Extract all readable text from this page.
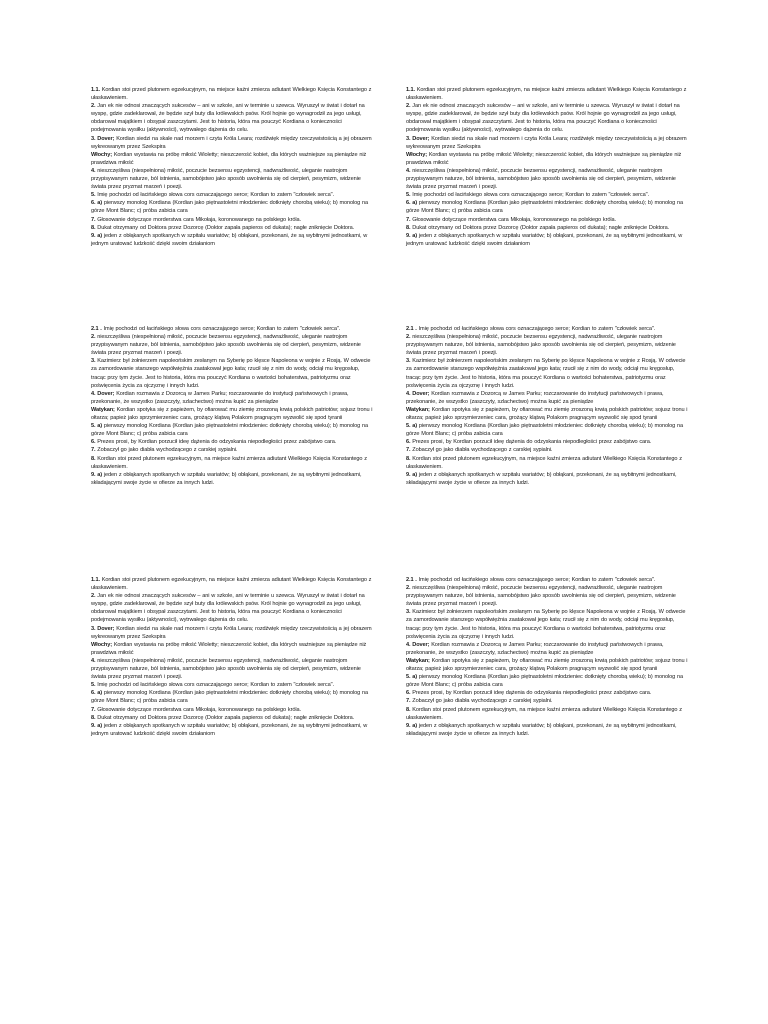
1.1. Kordian stoi przed plutonem egzekucyjnym, na miejsce kaźni zmierza adiutant Wielkiego Księcia Konstantego z ułaskawieniem.

2. Jan ek nie odnosi znaczących sukcesów – ani w szkole, ani w terminie u szewca. Wyruszył w świat i dotarł na wyspę, gdzie zadeklarował, że będzie szył buty dla królewskich psów. Król hojnie go wynagrodził za jego usługi, obdarował majątkiem i obsypał zaszczytami. Jest to historia, która ma pouczyć Kordiana o konieczności podejmowania wysiłku (aktywności), wytrwałego dążenia do celu.

3. Dover; Kordian siedzi na skale nad morzem i czyta Króla Leara; rozdźwięk między rzeczywistością a jej obrazem wykreowanym przez Szekspira

Włochy; Kordian wystawia na próbę miłość Wioletty; nieszczerość kobiet, dla których ważniejsze są pieniądze niż prawdziwa miłość

4. nieszczęśliwa (niespełniona) miłość, poczucie bezsensu egzystencji, nadwrażliwość, uleganie nastrojom przypisywanym naturze, ból istnienia, samobójstwo jako sposób uwolnienia się od cierpień, pesymizm, widzenie świata przez pryzmat marzeń i poezji.

5. Imię pochodzi od łacińskiego słowa cors oznaczającego serce; Kordian to zatem "człowiek serca".

6. a) pierwszy monolog Kordiana (Kordian jako piętnastoletni młodzieniec dotknięty chorobą wieku); b) monolog na górze Mont Blanc; c) próba zabicia cara

7. Głosowanie dotyczące morderstwa cara Mikołaja, koronowanego na polskiego króla.

8. Dukat otrzymany od Doktora przez Dozorcę (Doktor zapała papieros od dukata); nagłe zniknięcie Doktora.

9. a) jeden z obłąkanych spotkanych w szpitalu wariatów; b) obłąkani, przekonani, że są wybitnymi jednostkami, w jednym uratować ludzkość dzięki swoim działaniom

1.1. Kordian stoi przed plutonem egzekucyjnym, na miejsce kaźni zmierza adiutant Wielkiego Księcia Konstantego z ułaskawieniem.

2. Jan ek nie odnosi znaczących sukcesów – ani w szkole, ani w terminie u szewca. Wyruszył w świat i dotarł na wyspę, gdzie zadeklarował, że będzie szył buty dla królewskich psów. Król hojnie go wynagrodził za jego usługi, obdarował majątkiem i obsypał zaszczytami. Jest to historia, która ma pouczyć Kordiana o konieczności podejmowania wysiłku (aktywności), wytrwałego dążenia do celu.

3. Dover; Kordian siedzi na skale nad morzem i czyta Króla Leara; rozdźwięk między rzeczywistością a jej obrazem wykreowanym przez Szekspira

Włochy; Kordian wystawia na próbę miłość Wioletty; nieszczerość kobiet, dla których ważniejsze są pieniądze niż prawdziwa miłość

4. nieszczęśliwa (niespełniona) miłość, poczucie bezsensu egzystencji, nadwrażliwość, uleganie nastrojom przypisywanym naturze, ból istnienia, samobójstwo jako sposób uwolnienia się od cierpień, pesymizm, widzenie świata przez pryzmat marzeń i poezji.

5. Imię pochodzi od łacińskiego słowa cors oznaczającego serce; Kordian to zatem "człowiek serca".

6. a) pierwszy monolog Kordiana (Kordian jako piętnastoletni młodzieniec dotknięty chorobą wieku); b) monolog na górze Mont Blanc; c) próba zabicia cara

7. Głosowanie dotyczące morderstwa cara Mikołaja, koronowanego na polskiego króla.

8. Dukat otrzymany od Doktora przez Dozorcę (Doktor zapała papieros od dukata); nagłe zniknięcie Doktora.

9. a) jeden z obłąkanych spotkanych w szpitalu wariatów; b) obłąkani, przekonani, że są wybitnymi jednostkami, w jednym uratować ludzkość dzięki swoim działaniom

2.1 . Imię pochodzi od łacińskiego słowa cors oznaczającego serce; Kordian to zatem "człowiek serca".

2. nieszczęśliwa (niespełniona) miłość, poczucie bezsensu egzystencji, nadwrażliwość, uleganie nastrojom przypisywanym naturze, ból istnienia, samobójstwo jako sposób uwolnienia się od cierpień, pesymizm, widzenie świata przez pryzmat marzeń i poezji.

3. Kazimierz był żołnierzem napoleońskim zesłanym na Syberię po klęsce Napoleona w wojnie z Rosją. W odwecie za zamordowanie starszego współwięźnia zaatakował jego kata; rzucił się z nim do wody, odciął mu kręgosłup, tracąc przy tym życie. Jest to historia, która ma pouczyć Kordiana o wartości bohaterstwa, patriotyzmu oraz poświęcenia życia za ojczyznę i innych ludzi.

4. Dover; Kordian rozmawia z Dozorcą w James Parku; rozczarowanie do instytucji państwowych i prawa, przekonanie, że wszystko (zaszczyty, szlachectwo) można kupić za pieniądze

Watykan; Kordian spotyka się z papieżem, by ofiarować mu ziemię zroszoną krwią polskich patriotów; sojusz tronu i ołtarza; papież jako sprzymierzeniec cara, grożący klątwą Polakom pragnącym wyzwolić się spod tyranii

5. a) pierwszy monolog Kordiana (Kordian jako piętnastoletni młodzieniec dotknięty chorobą wieku); b) monolog na górze Mont Blanc; c) próba zabicia cara

6. Prezes prosi, by Kordian porzucił ideę dążenia do odzyskania niepodległości przez zabójstwo cara.

7. Zobaczył go jako diabła wychodzącego z carskiej sypialni.

8. Kordian stoi przed plutonem egzekucyjnym, na miejsce kaźni zmierza adiutant Wielkiego Księcia Konstantego z ułaskawieniem.

9. a) jeden z obłąkanych spotkanych w szpitalu wariatów; b) obłąkani, przekonani, że są wybitnymi jednostkami, składającymi swoje życie w ofierze za innych ludzi.

2.1 . Imię pochodzi od łacińskiego słowa cors oznaczającego serce; Kordian to zatem "człowiek serca".

2. nieszczęśliwa (niespełniona) miłość, poczucie bezsensu egzystencji, nadwrażliwość, uleganie nastrojom przypisywanym naturze, ból istnienia, samobójstwo jako sposób uwolnienia się od cierpień, pesymizm, widzenie świata przez pryzmat marzeń i poezji.

3. Kazimierz był żołnierzem napoleońskim zesłanym na Syberię po klęsce Napoleona w wojnie z Rosją. W odwecie za zamordowanie starszego współwięźnia zaatakował jego kata; rzucił się z nim do wody, odciął mu kręgosłup, tracąc przy tym życie. Jest to historia, która ma pouczyć Kordiana o wartości bohaterstwa, patriotyzmu oraz poświęcenia życia za ojczyznę i innych ludzi.

4. Dover; Kordian rozmawia z Dozorcą w James Parku; rozczarowanie do instytucji państwowych i prawa, przekonanie, że wszystko (zaszczyty, szlachectwo) można kupić za pieniądze

Watykan; Kordian spotyka się z papieżem, by ofiarować mu ziemię zroszoną krwią polskich patriotów; sojusz tronu i ołtarza; papież jako sprzymierzeniec cara, grożący klątwą Polakom pragnącym wyzwolić się spod tyranii

5. a) pierwszy monolog Kordiana (Kordian jako piętnastoletni młodzieniec dotknięty chorobą wieku); b) monolog na górze Mont Blanc; c) próba zabicia cara

6. Prezes prosi, by Kordian porzucił ideę dążenia do odzyskania niepodległości przez zabójstwo cara.

7. Zobaczył go jako diabła wychodzącego z carskiej sypialni.

8. Kordian stoi przed plutonem egzekucyjnym, na miejsce kaźni zmierza adiutant Wielkiego Księcia Konstantego z ułaskawieniem.

9. a) jeden z obłąkanych spotkanych w szpitalu wariatów; b) obłąkani, przekonani, że są wybitnymi jednostkami, składającymi swoje życie w ofierze za innych ludzi.

1.1. Kordian stoi przed plutonem egzekucyjnym, na miejsce kaźni zmierza adiutant Wielkiego Księcia Konstantego z ułaskawieniem.

2. Jan ek nie odnosi znaczących sukcesów – ani w szkole, ani w terminie u szewca. Wyruszył w świat i dotarł na wyspę, gdzie zadeklarował, że będzie szył buty dla królewskich psów. Król hojnie go wynagrodził za jego usługi, obdarował majątkiem i obsypał zaszczytami. Jest to historia, która ma pouczyć Kordiana o konieczności podejmowania wysiłku (aktywności), wytrwałego dążenia do celu.

3. Dover; Kordian siedzi na skale nad morzem i czyta Króla Leara; rozdźwięk między rzeczywistością a jej obrazem wykreowanym przez Szekspira

Włochy; Kordian wystawia na próbę miłość Wioletty; nieszczerość kobiet, dla których ważniejsze są pieniądze niż prawdziwa miłość

4. nieszczęśliwa (niespełniona) miłość, poczucie bezsensu egzystencji, nadwrażliwość, uleganie nastrojom przypisywanym naturze, ból istnienia, samobójstwo jako sposób uwolnienia się od cierpień, pesymizm, widzenie świata przez pryzmat marzeń i poezji.

5. Imię pochodzi od łacińskiego słowa cors oznaczającego serce; Kordian to zatem "człowiek serca".

6. a) pierwszy monolog Kordiana (Kordian jako piętnastoletni młodzieniec dotknięty chorobą wieku); b) monolog na górze Mont Blanc; c) próba zabicia cara

7. Głosowanie dotyczące morderstwa cara Mikołaja, koronowanego na polskiego króla.

8. Dukat otrzymany od Doktora przez Dozorcę (Doktor zapała papieros od dukata); nagłe zniknięcie Doktora.

9. a) jeden z obłąkanych spotkanych w szpitalu wariatów; b) obłąkani, przekonani, że są wybitnymi jednostkami, w jednym uratować ludzkość dzięki swoim działaniom

2.1 . Imię pochodzi od łacińskiego słowa cors oznaczającego serce; Kordian to zatem "człowiek serca".

2. nieszczęśliwa (niespełniona) miłość, poczucie bezsensu egzystencji, nadwrażliwość, uleganie nastrojom przypisywanym naturze, ból istnienia, samobójstwo jako sposób uwolnienia się od cierpień, pesymizm, widzenie świata przez pryzmat marzeń i poezji.

3. Kazimierz był żołnierzem napoleońskim zesłanym na Syberię po klęsce Napoleona w wojnie z Rosją. W odwecie za zamordowanie starszego współwięźnia zaatakował jego kata; rzucił się z nim do wody, odciął mu kręgosłup, tracąc przy tym życie. Jest to historia, która ma pouczyć Kordiana o wartości bohaterstwa, patriotyzmu oraz poświęcenia życia za ojczyznę i innych ludzi.

4. Dover; Kordian rozmawia z Dozorcą w James Parku; rozczarowanie do instytucji państwowych i prawa, przekonanie, że wszystko (zaszczyty, szlachectwo) można kupić za pieniądze

Watykan; Kordian spotyka się z papieżem, by ofiarować mu ziemię zroszoną krwią polskich patriotów; sojusz tronu i ołtarza; papież jako sprzymierzeniec cara, grożący klątwą Polakom pragnącym wyzwolić się spod tyranii

5. a) pierwszy monolog Kordiana (Kordian jako piętnastoletni młodzieniec dotknięty chorobą wieku); b) monolog na górze Mont Blanc; c) próba zabicia cara

6. Prezes prosi, by Kordian porzucił ideę dążenia do odzyskania niepodległości przez zabójstwo cara.

7. Zobaczył go jako diabła wychodzącego z carskiej sypialni.

8. Kordian stoi przed plutonem egzekucyjnym, na miejsce kaźni zmierza adiutant Wielkiego Księcia Konstantego z ułaskawieniem.

9. a) jeden z obłąkanych spotkanych w szpitalu wariatów; b) obłąkani, przekonani, że są wybitnymi jednostkami, składającymi swoje życie w ofierze za innych ludzi.
